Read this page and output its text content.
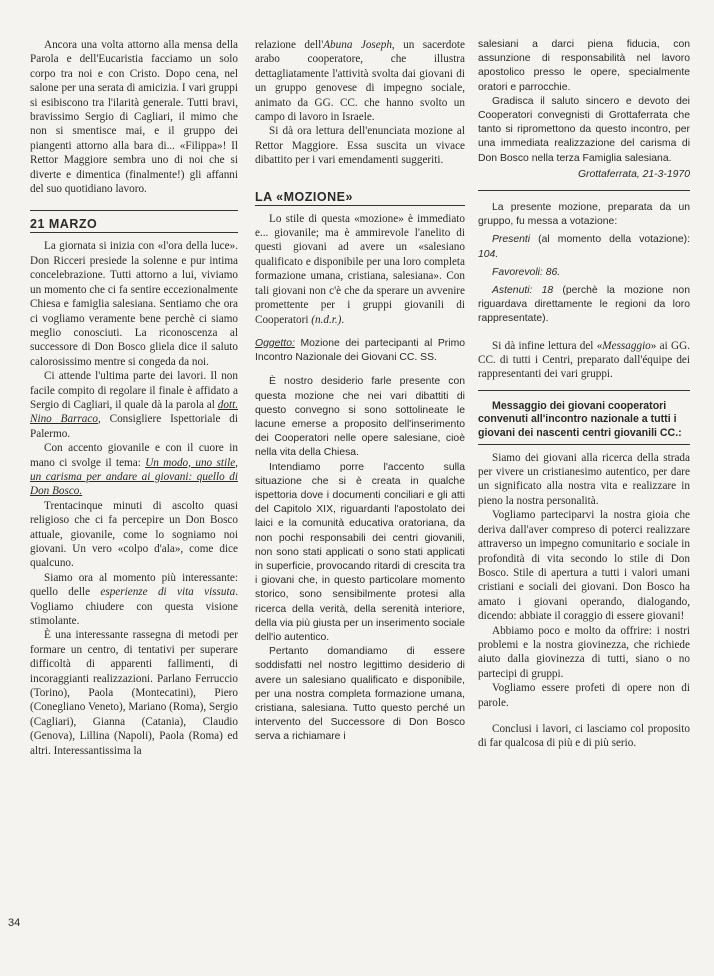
Ancora una volta attorno alla mensa della Parola e dell'Eucaristia facciamo un solo corpo tra noi e con Cristo. Dopo cena, nel salone per una serata di amicizia. I vari gruppi si esibiscono tra l'ilarità generale. Tutti bravi, bravissimo Sergio di Cagliari, il mimo che non si smentisce mai, e il gruppo dei piangenti attorno alla bara di... «Filippa»! Il Rettor Maggiore sembra uno di noi che si diverte e dimentica (finalmente!) gli affanni del suo quotidiano lavoro.

21 MARZO

La giornata si inizia con «l'ora della luce». Don Ricceri presiede la solenne e pur intima concelebrazione. Tutti attorno a lui, viviamo un momento che ci fa sentire eccezionalmente Chiesa e famiglia salesiana. Sentiamo che ora ci vogliamo veramente bene perchè ci siamo meglio conosciuti. La riconoscenza al successore di Don Bosco gliela dice il saluto calorosissimo mentre si congeda da noi.

Ci attende l'ultima parte dei lavori. Il non facile compito di regolare il finale è affidato a Sergio di Cagliari, il quale dà la parola al dott. Nino Barraco, Consigliere Ispettoriale di Palermo.

Con accento giovanile e con il cuore in mano ci svolge il tema: Un modo, uno stile, un carisma per andare ai giovani: quello di Don Bosco.

Trentacinque minuti di ascolto quasi religioso che ci fa percepire un Don Bosco attuale, giovanile, come lo sogniamo noi giovani. Un vero «colpo d'ala», come dice qualcuno.

Siamo ora al momento più interessante: quello delle esperienze di vita vissuta. Vogliamo chiudere con questa visione stimolante.

È una interessante rassegna di metodi per formare un centro, di tentativi per superare difficoltà di apparenti fallimenti, di incoraggianti realizzazioni. Parlano Ferruccio (Torino), Paola (Montecatini), Piero (Conegliano Veneto), Mariano (Roma), Sergio (Cagliari), Gianna (Catania), Claudio (Genova), Lillina (Napoli), Paola (Roma) ed altri. Interessantissima la

relazione dell'Abuna Joseph, un sacerdote arabo cooperatore, che illustra dettagliatamente l'attività svolta dai giovani di un gruppo genovese di impegno sociale, animato da GG. CC. che hanno svolto un campo di lavoro in Israele.

Si dà ora lettura dell'enunciata mozione al Rettor Maggiore. Essa suscita un vivace dibattito per i vari emendamenti suggeriti.

LA «MOZIONE»

Lo stile di questa «mozione» è immediato e... giovanile; ma è ammirevole l'anelito di questi giovani ad avere un «salesiano qualificato e disponibile per una loro completa formazione umana, cristiana, salesiana». Con tali giovani non c'è che da sperare un avvenire promettente per i gruppi giovanili di Cooperatori (n.d.r.).

Oggetto: Mozione dei partecipanti al Primo Incontro Nazionale dei Giovani CC. SS.

È nostro desiderio farle presente con questa mozione che nei vari dibattiti di questo convegno si sono sottolineate le lacune emerse a proposito dell'inserimento dei Cooperatori nelle opere salesiane, cioè nella vita della Chiesa.

Intendiamo porre l'accento sulla situazione che si è creata in qualche ispettoria dove i documenti conciliari e gli atti del Capitolo XIX, riguardanti l'apostolato dei laici e la comunità educativa oratoriana, da non pochi responsabili dei centri giovanili, non sono stati applicati o sono stati applicati in superficie, provocando ritardi di crescita tra i giovani che, in questo particolare momento storico, sono sensibilmente protesi alla ricerca della verità, della serenità interiore, della via più giusta per un inserimento sociale dell'io autentico.

Pertanto domandiamo di essere soddisfatti nel nostro legittimo desiderio di avere un salesiano qualificato e disponibile, per una nostra completa formazione umana, cristiana, salesiana. Tutto questo perché un intervento del Successore di Don Bosco serva a richiamare i

salesiani a darci piena fiducia, con assunzione di responsabilità nel lavoro apostolico presso le opere, specialmente oratori e parrocchie.

Gradisca il saluto sincero e devoto dei Cooperatori convegnisti di Grottaferrata che tanto si ripromettono da questo incontro, per una immediata realizzazione del carisma di Don Bosco nella terza Famiglia salesiana.

Grottaferrata, 21-3-1970

La presente mozione, preparata da un gruppo, fu messa a votazione:

Presenti (al momento della votazione): 104.

Favorevoli: 86.

Astenuti: 18 (perchè la mozione non riguardava direttamente le regioni da loro rappresentate).

Si dà infine lettura del «Messaggio» ai GG. CC. di tutti i Centri, preparato dall'équipe dei rappresentanti dei vari gruppi.

Messaggio dei giovani cooperatori convenuti all'incontro nazionale a tutti i giovani dei nascenti centri giovanili CC.:

Siamo dei giovani alla ricerca della strada per vivere un cristianesimo autentico, per dare un significato alla nostra vita e realizzare in pieno la nostra personalità.

Vogliamo parteciparvi la nostra gioia che deriva dall'aver compreso di poterci realizzare attraverso un impegno comunitario e sociale in profondità di vita secondo lo stile di Don Bosco. Stile di apertura a tutti i valori umani cristiani e sociali dei giovani. Don Bosco ha amato i giovani operando, dialogando, dicendo: abbiate il coraggio di essere giovani!

Abbiamo poco e molto da offrire: i nostri problemi e la nostra giovinezza, che richiede aiuto dalla giovinezza di tutti, siano o no partecipi di gruppi.

Vogliamo essere profeti di opere non di parole.

Conclusi i lavori, ci lasciamo col proposito di far qualcosa di più e di più serio.

34
